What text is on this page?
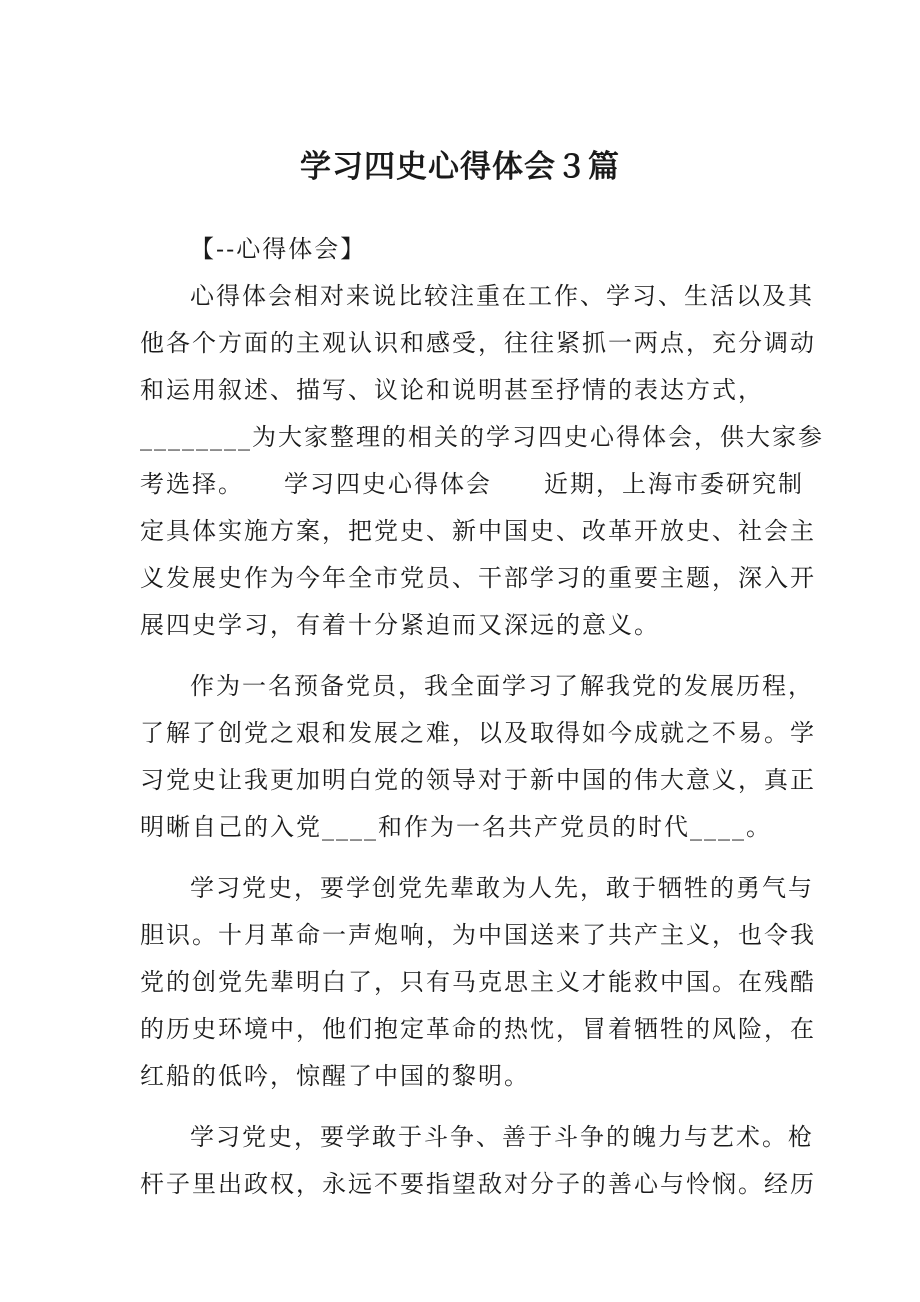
学习四史心得体会３篇
【--心得体会】
心得体会相对来说比较注重在工作、学习、生活以及其
他各个方面的主观认识和感受，往往紧抓一两点，充分调动
和运用叙述、描写、议论和说明甚至抒情的表达方式，
________为大家整理的相关的学习四史心得体会，供大家参
考选择。　　学习四史心得体会　　近期，上海市委研究制
定具体实施方案，把党史、新中国史、改革开放史、社会主
义发展史作为今年全市党员、干部学习的重要主题，深入开
展四史学习，有着十分紧迫而又深远的意义。
作为一名预备党员，我全面学习了解我党的发展历程，
了解了创党之艰和发展之难，以及取得如今成就之不易。学
习党史让我更加明白党的领导对于新中国的伟大意义，真正
明晰自己的入党____和作为一名共产党员的时代____。
学习党史，要学创党先辈敢为人先，敢于牺牲的勇气与
胆识。十月革命一声炮响，为中国送来了共产主义，也令我
党的创党先辈明白了，只有马克思主义才能救中国。在残酷
的历史环境中，他们抱定革命的热忱，冒着牺牲的风险，在
红船的低吟，惊醒了中国的黎明。
学习党史，要学敢于斗争、善于斗争的魄力与艺术。枪
杆子里出政权，永远不要指望敌对分子的善心与怜悯。经历
